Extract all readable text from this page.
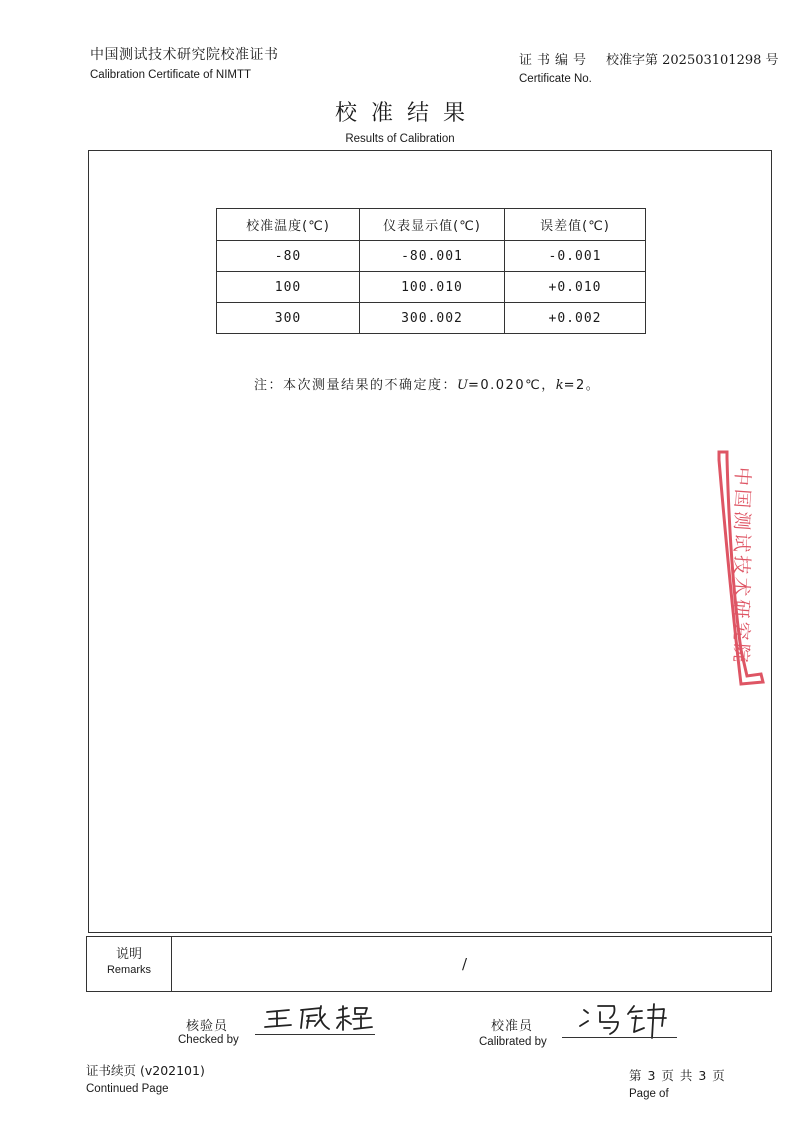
中国测试技术研究院校准证书
Calibration Certificate of NIMTT
证书编号 校准字第 202503101298 号
Certificate No.
校准结果
Results of Calibration
校准温度(℃)	仪表显示值(℃)	误差值(℃)
-80	-80.001	-0.001
100	100.010	+0.010
300	300.002	+0.002
注：本次测量结果的不确定度：U=0.020℃，k=2。
中
国
测
试
技
术
研
究
院
说明
Remarks	/
核验员
Checked by
校准员
Calibrated by
证书续页 (v202101)
Continued Page
第 3 页 共 3 页
Page of
